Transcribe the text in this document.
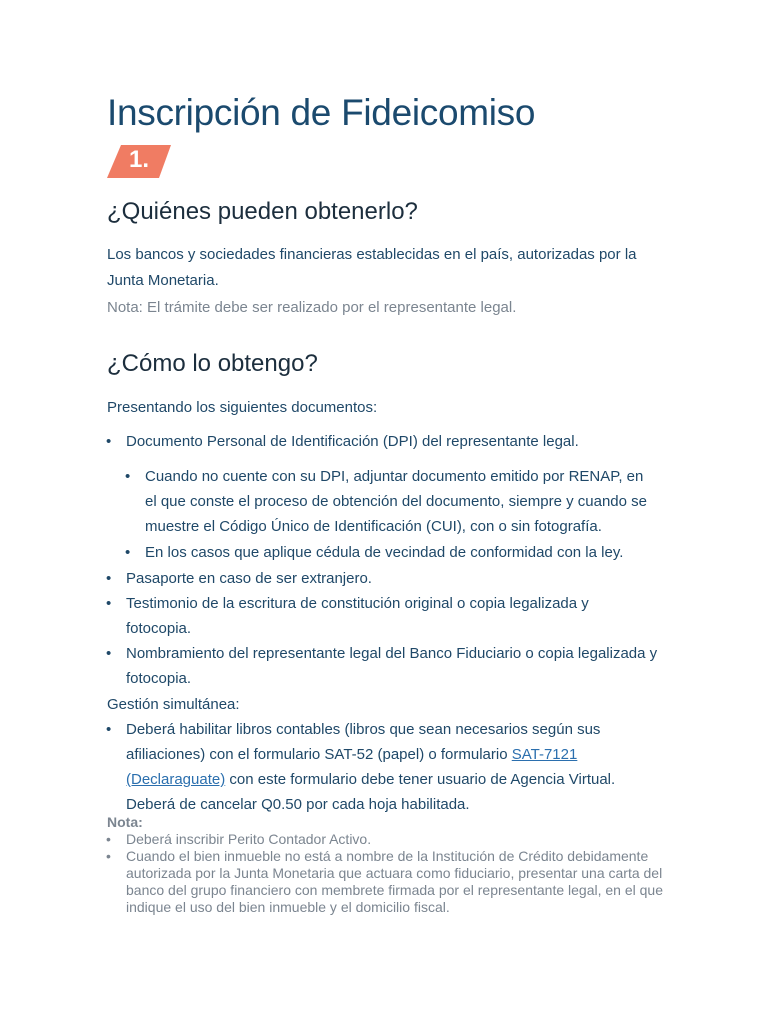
Inscripción de Fideicomiso
1.
¿Quiénes pueden obtenerlo?
Los bancos y sociedades financieras establecidas en el país, autorizadas por la Junta Monetaria.
Nota: El trámite debe ser realizado por el representante legal.
¿Cómo lo obtengo?
Presentando los siguientes documentos:
• Documento Personal de Identificación (DPI) del representante legal.
• Cuando no cuente con su DPI, adjuntar documento emitido por RENAP, en el que conste el proceso de obtención del documento, siempre y cuando se muestre el Código Único de Identificación (CUI), con o sin fotografía.
• En los casos que aplique cédula de vecindad de conformidad con la ley.
• Pasaporte en caso de ser extranjero.
• Testimonio de la escritura de constitución original o copia legalizada y fotocopia.
• Nombramiento del representante legal del Banco Fiduciario o copia legalizada y fotocopia.
Gestión simultánea:
• Deberá habilitar libros contables (libros que sean necesarios según sus afiliaciones) con el formulario SAT-52 (papel) o formulario SAT-7121 (Declaraguate) con este formulario debe tener usuario de Agencia Virtual. Deberá de cancelar Q0.50 por cada hoja habilitada.
Nota:
• Deberá inscribir Perito Contador Activo.
• Cuando el bien inmueble no está a nombre de la Institución de Crédito debidamente autorizada por la Junta Monetaria que actuara como fiduciario, presentar una carta del banco del grupo financiero con membrete firmada por el representante legal, en el que indique el uso del bien inmueble y el domicilio fiscal.
